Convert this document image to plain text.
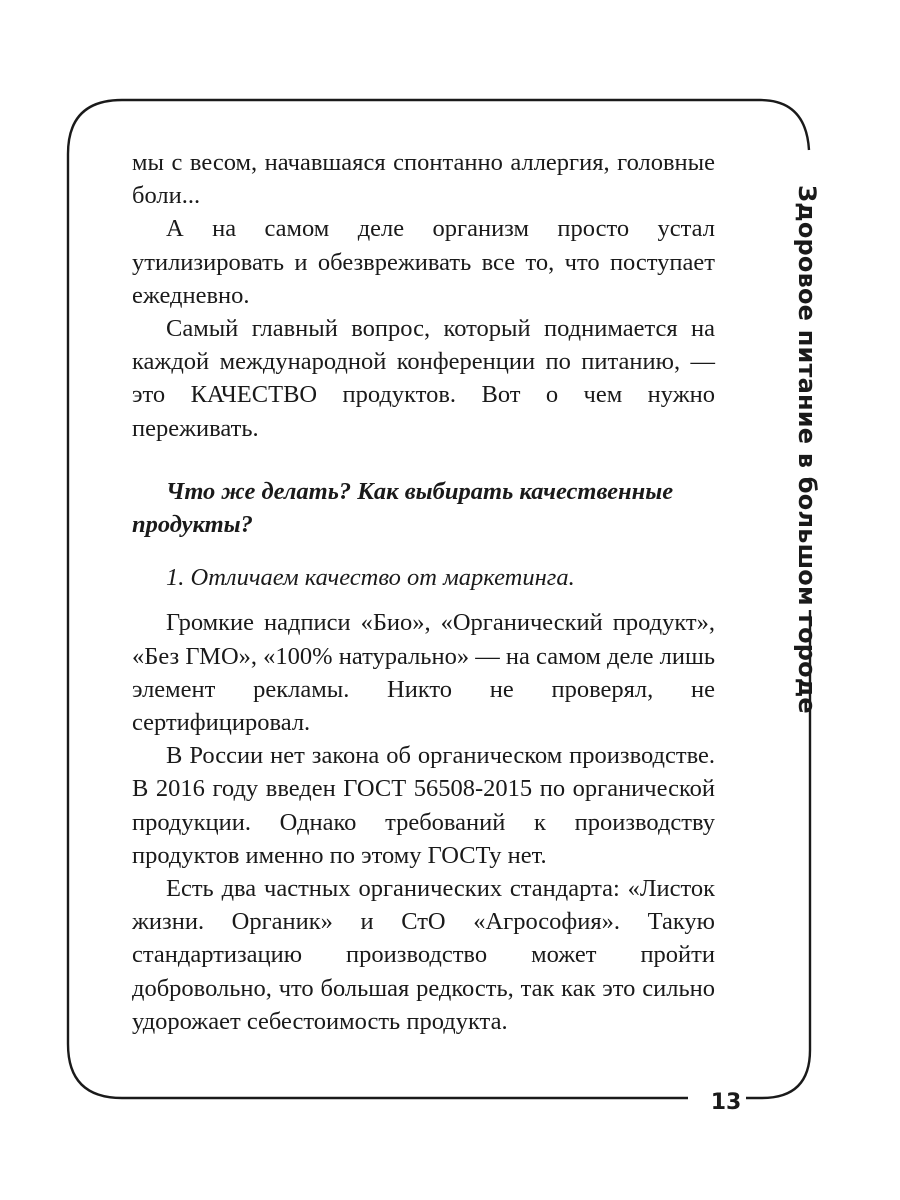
Здоровое питание в большом городе

мы с весом, начавшаяся спонтанно аллергия, головные боли...

А на самом деле организм просто устал утилизировать и обезвреживать все то, что поступает ежедневно.

Самый главный вопрос, который поднимается на каждой международной конференции по питанию, — это КАЧЕСТВО продуктов. Вот о чем нужно переживать.

Что же делать? Как выбирать качественные продукты?

1. Отличаем качество от маркетинга.

Громкие надписи «Био», «Органический продукт», «Без ГМО», «100% натурально» — на самом деле лишь элемент рекламы. Никто не проверял, не сертифицировал.

В России нет закона об органическом производстве. В 2016 году введен ГОСТ 56508-2015 по органической продукции. Однако требований к производству продуктов именно по этому ГОСТу нет.

Есть два частных органических стандарта: «Листок жизни. Органик» и СтО «Агрософия». Такую стандартизацию производство может пройти добровольно, что большая редкость, так как это сильно удорожает себестоимость продукта.

13
